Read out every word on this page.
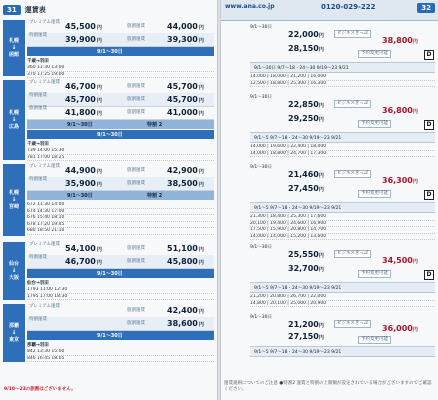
31	運賃表
札幌
↓
函館
プレミアム運賃 45,500円	旅割運賃	44,000円
特割運賃	39,900円	旅割運賃	39,300円
9/1〜30日
千歳→羽田
360 11:30 13:00
370 17:25 19:00
札幌
↓
広島
プレミアム運賃 46,700円	旅割運賃	45,700円
特割運賃	45,700円	旅割運賃	45,700円
旅割運賃	41,800円	旅割運賃	41,000円
9/1〜30日	特割 2
9/1〜30日
千歳→羽田
739 14:00 15:30
781 17:00 18:25
札幌
↓
宮崎
プレミアム運賃 44,900円	旅割運賃	42,900円
特割運賃	35,900円	旅割運賃	38,500円
9/1〜30日	特割 2
672 11:30 14:00
674 14:30 17:00
676 15:40 18:10
678 17:20 19:45
680 18:50 21:10
仙台
↓
大阪
プレミアム運賃 54,100円	旅割運賃	51,100円
特割運賃	46,700円	旅割運賃	45,800円
9/1〜30日
仙台→羽田
1793 11:00 12:30
1795 17:00 18:30
那覇
↓
東京
プレミアム運賃
旅割運賃	42,400円
特割運賃
旅割運賃	38,600円
9/1〜30日
那覇→羽田
842 13:30 15:00
846 16:45 18:05
9/10〜23の旅割はございません。
www.ana.co.jp	0120-029-222	32
9/1〜30日
22,000円
28,150円
ビジネスきっぷ
38,800円
予約変更可能	D
9/1〜30日 9/7〜18・24〜30 9/19〜23 9/21
14,000 | 18,000 | 21,200 | 16,000
12,500 | 18,800 | 25,300 | 16,300
9/1〜30日
22,850円
29,250円
ビジネスきっぷ
36,800円
予約変更可能	D
9/1〜5 9/7〜18・24〜30 9/19〜23 9/21
14,000 | 19,600 | 22,400 | 18,000
14,000 | 18,800 | 24,700 | 17,300
9/1〜30日
21,460円
27,450円
ビジネスきっぷ
36,300円
予約変更可能	D
9/1〜5 9/7〜18・24〜30 9/19〜23 9/21
21,300 | 18,400 | 25,300 | 17,600
20,100 | 19,400 | 24,600 | 16,900
17,500 | 15,900 | 20,800 | 14,700
14,000 | 14,000 | 15,200 | 13,600
9/1〜30日
25,550円
32,700円
ビジネスきっぷ
34,500円
予約変更可能	D
9/1〜5 9/7〜18・24〜30 9/19〜23 9/21
21,200 | 20,800 | 26,700 | 22,000
14,800 | 20,100 | 25,000 | 20,900
9/1〜30日
21,200円
27,150円
ビジネスきっぷ
36,000円
予約変更可能
9/1〜5 9/7〜18・24〜30 9/19〜23 9/21
運賃規則についてのご注意 ●特割2 運賃と特割の上限額が設定されている場合がございますのでご確認ください。
